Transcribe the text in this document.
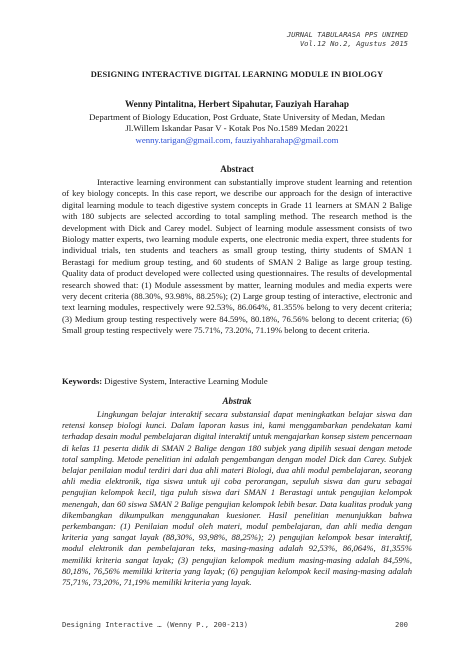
JURNAL TABULARASA PPS UNIMED
Vol.12 No.2, Agustus 2015
DESIGNING INTERACTIVE DIGITAL LEARNING MODULE IN BIOLOGY
Wenny Pintalitna, Herbert Sipahutar, Fauziyah Harahap
Department of Biology Education, Post Grduate, State University of Medan, Medan
Jl.Willem Iskandar Pasar V - Kotak Pos No.1589 Medan 20221
wenny.tarigan@gmail.com, fauziyahharahap@gmail.com
Abstract

Interactive learning environment can substantially improve student learning and retention of key biology concepts. In this case report, we describe our approach for the design of interactive digital learning module to teach digestive system concepts in Grade 11 learners at SMAN 2 Balige with 180 subjects are selected according to total sampling method. The research method is the development with Dick and Carey model. Subject of learning module assessment consists of two Biology matter experts, two learning module experts, one electronic media expert, three students for individual trials, ten students and teachers as small group testing, thirty students of SMAN 1 Berastagi for medium group testing, and 60 students of SMAN 2 Balige as large group testing. Quality data of product developed were collected using questionnaires. The results of developmental research showed that: (1) Module assessment by matter, learning modules and media experts were very decent criteria (88.30%, 93.98%, 88.25%); (2) Large group testing of interactive, electronic and text learning modules, respectively were 92.53%, 86.064%, 81.355% belong to very decent criteria; (3) Medium group testing respectively were 84.59%, 80.18%, 76.56% belong to decent criteria; (6) Small group testing respectively were 75.71%, 73.20%, 71.19% belong to decent criteria.

Keywords: Digestive System, Interactive Learning Module
Abstrak

Lingkungan belajar interaktif secara substansial dapat meningkatkan belajar siswa dan retensi konsep biologi kunci. Dalam laporan kasus ini, kami menggambarkan pendekatan kami terhadap desain modul pembelajaran digital interaktif untuk mengajarkan konsep sistem pencernaan di kelas 11 peserta didik di SMAN 2 Balige dengan 180 subjek yang dipilih sesuai dengan metode total sampling. Metode penelitian ini adalah pengembangan dengan model Dick dan Carey. Subjek belajar penilaian modul terdiri dari dua ahli materi Biologi, dua ahli modul pembelajaran, seorang ahli media elektronik, tiga siswa untuk uji coba perorangan, sepuluh siswa dan guru sebagai pengujian kelompok kecil, tiga puluh siswa dari SMAN 1 Berastagi untuk pengujian kelompok menengah, dan 60 siswa SMAN 2 Balige pengujian kelompok lebih besar. Data kualitas produk yang dikembangkan dikumpulkan menggunakan kuesioner. Hasil penelitian menunjukkan bahwa perkembangan: (1) Penilaian modul oleh materi, modul pembelajaran, dan ahli media dengan kriteria yang sangat layak (88,30%, 93,98%, 88,25%); 2) pengujian kelompok besar interaktif, modul elektronik dan pembelajaran teks, masing-masing adalah 92,53%, 86,064%, 81,355% memiliki kriteria sangat layak; (3) pengujian kelompok medium masing-masing adalah 84,59%, 80,18%, 76,56% memiliki kriteria yang layak; (6) pengujian kelompok kecil masing-masing adalah 75,71%, 73,20%, 71,19% memiliki kriteria yang layak.

Designing Interactive … (Wenny P., 200-213)	200
